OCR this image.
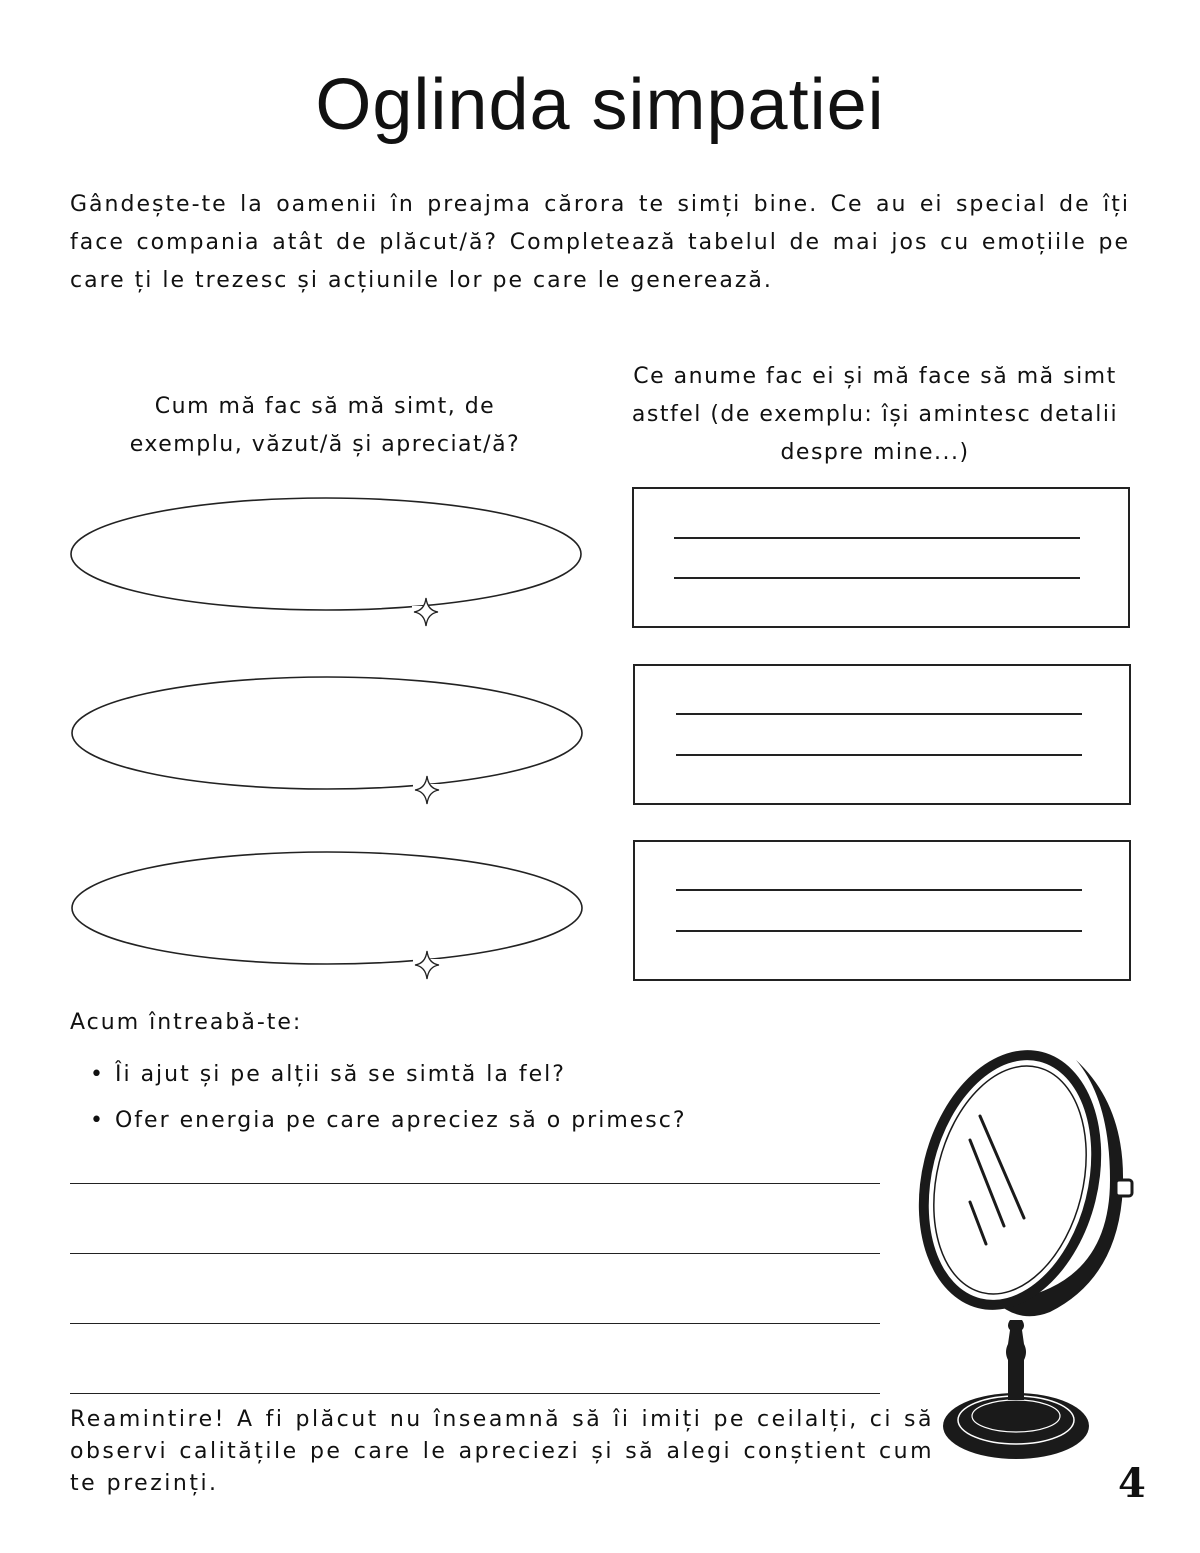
Oglinda simpatiei

Gândește-te la oamenii în preajma cărora te simți bine. Ce au ei special de îți face compania atât de plăcut/ă? Completează tabelul de mai jos cu emoțiile pe care ți le trezesc și acțiunile lor pe care le generează.

Cum mă fac să mă simt, de exemplu, văzut/ă și apreciat/ă?

Ce anume fac ei și mă face să mă simt astfel (de exemplu: își amintesc detalii despre mine...)

Acum întreabă-te:

• Îi ajut și pe alții să se simtă la fel?
• Ofer energia pe care apreciez să o primesc?

Reamintire! A fi plăcut nu înseamnă să îi imiți pe ceilalți, ci să observi calitățile pe care le apreciezi și să alegi conștient cum te prezinți.	4
